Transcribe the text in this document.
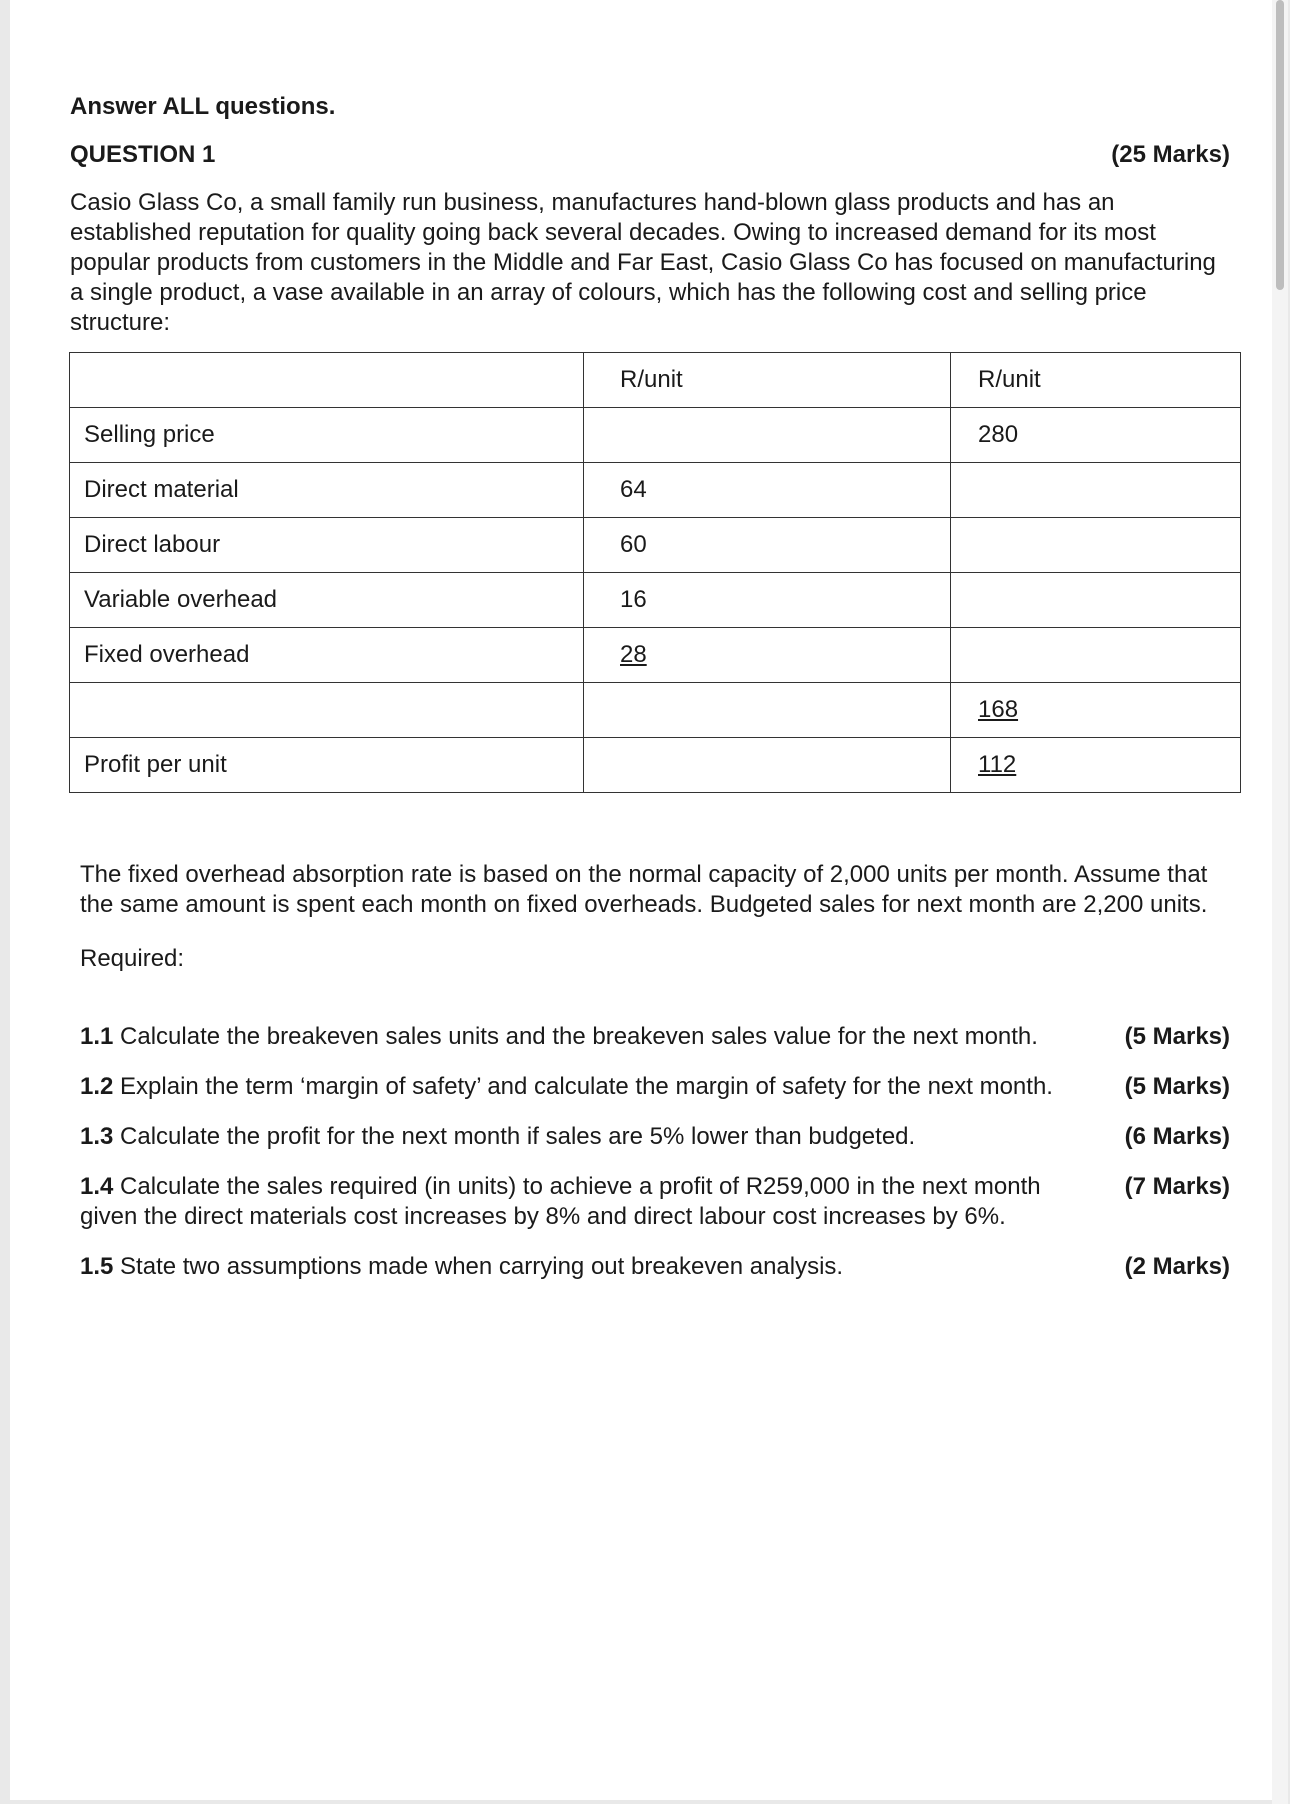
Answer ALL questions.
QUESTION 1	(25 Marks)
Casio Glass Co, a small family run business, manufactures hand-blown glass products and has an established reputation for quality going back several decades. Owing to increased demand for its most popular products from customers in the Middle and Far East, Casio Glass Co has focused on manufacturing a single product, a vase available in an array of colours, which has the following cost and selling price structure:
	R/unit	R/unit
Selling price		280
Direct material	64	
Direct labour	60	
Variable overhead	16	
Fixed overhead	28	
		168
Profit per unit		112
The fixed overhead absorption rate is based on the normal capacity of 2,000 units per month. Assume that the same amount is spent each month on fixed overheads. Budgeted sales for next month are 2,200 units.
Required:
1.1 Calculate the breakeven sales units and the breakeven sales value for the next month.	(5 Marks)
1.2 Explain the term ‘margin of safety’ and calculate the margin of safety for the next month.	(5 Marks)
1.3 Calculate the profit for the next month if sales are 5% lower than budgeted.	(6 Marks)
1.4 Calculate the sales required (in units) to achieve a profit of R259,000 in the next month given the direct materials cost increases by 8% and direct labour cost increases by 6%.
(7 Marks)
1.5 State two assumptions made when carrying out breakeven analysis.	(2 Marks)
